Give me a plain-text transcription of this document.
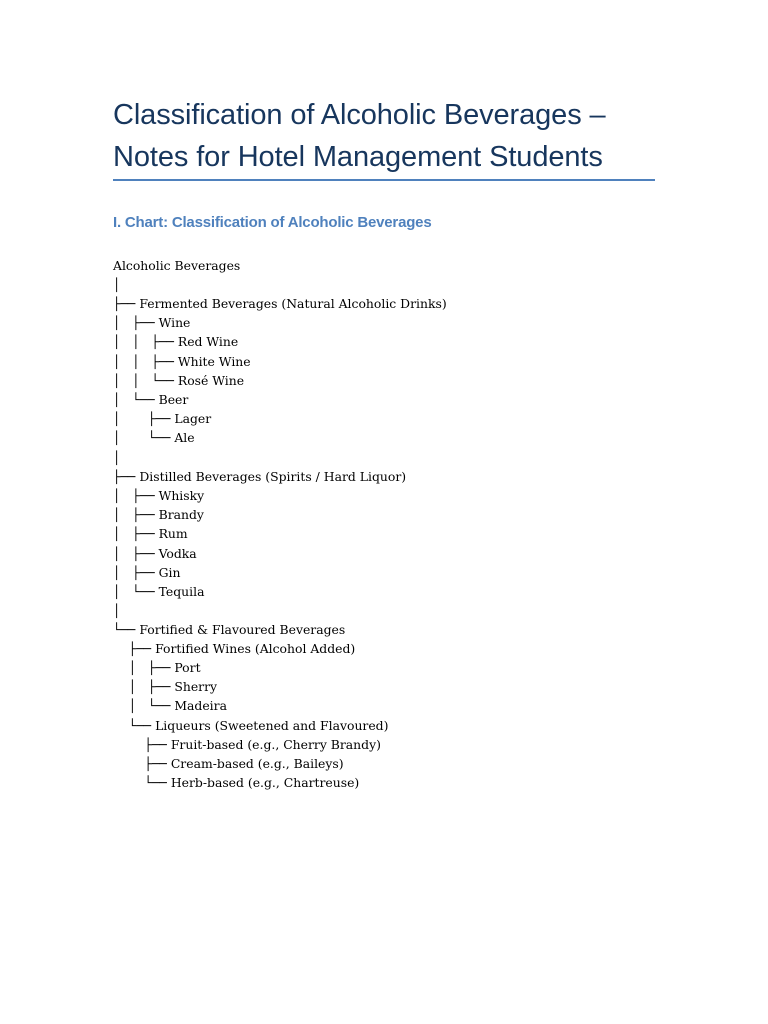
Classification of Alcoholic Beverages –
Notes for Hotel Management Students
I. Chart: Classification of Alcoholic Beverages
Alcoholic Beverages
│
├── Fermented Beverages (Natural Alcoholic Drinks)
│   ├── Wine
│   │   ├── Red Wine
│   │   ├── White Wine
│   │   └── Rosé Wine
│   └── Beer
│       ├── Lager
│       └── Ale
│
├── Distilled Beverages (Spirits / Hard Liquor)
│   ├── Whisky
│   ├── Brandy
│   ├── Rum
│   ├── Vodka
│   ├── Gin
│   └── Tequila
│
└── Fortified & Flavoured Beverages
├── Fortified Wines (Alcohol Added)
│   ├── Port
│   ├── Sherry
│   └── Madeira
└── Liqueurs (Sweetened and Flavoured)
├── Fruit-based (e.g., Cherry Brandy)
├── Cream-based (e.g., Baileys)
└── Herb-based (e.g., Chartreuse)
